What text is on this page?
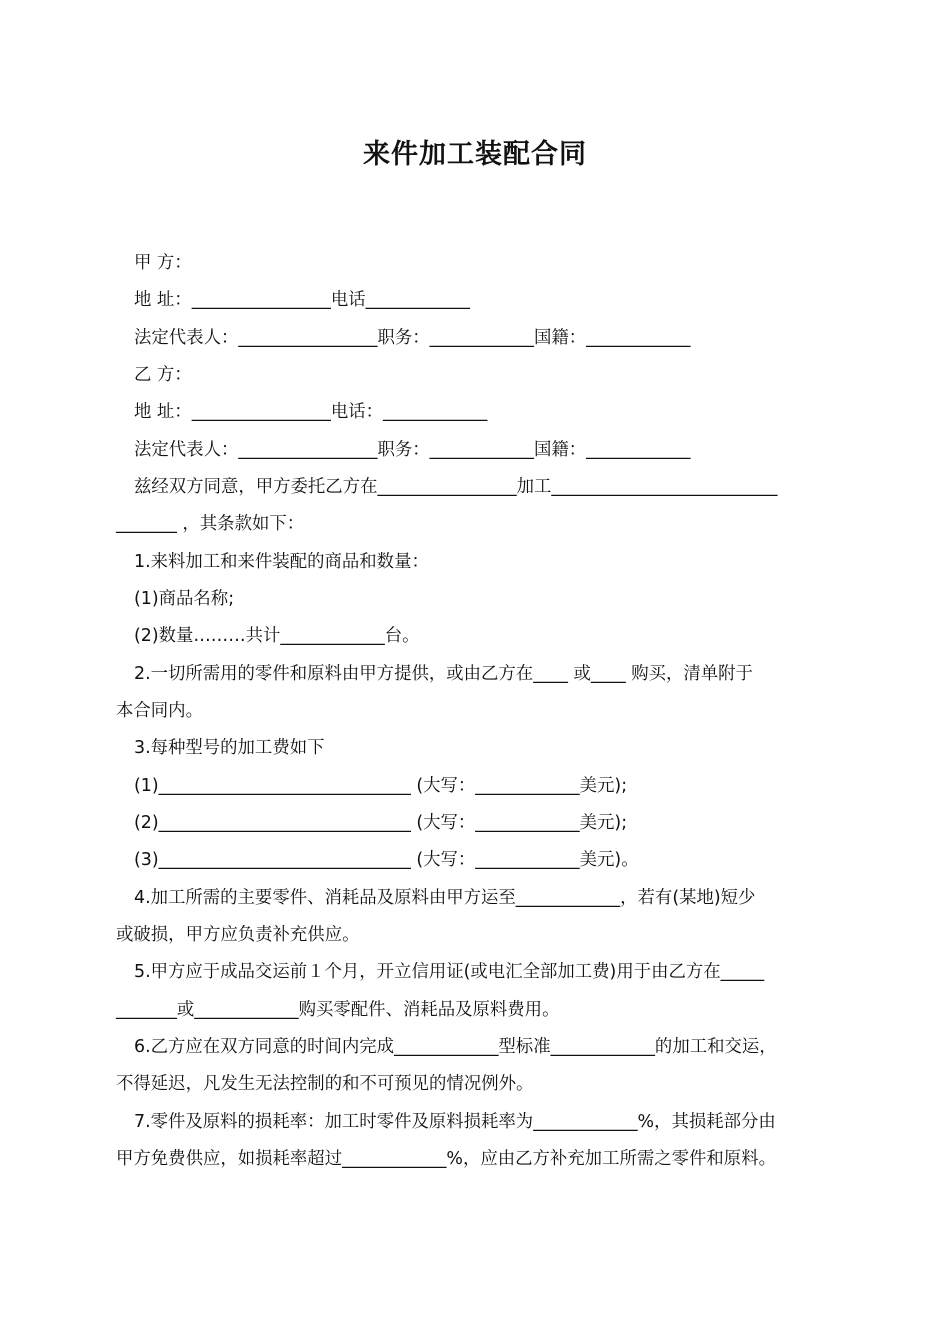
来件加工装配合同
甲 方：
地 址：________________电话____________
法定代表人：________________职务：____________国籍：____________
乙 方：
地 址：________________电话：____________
法定代表人：________________职务：____________国籍：____________
兹经双方同意，甲方委托乙方在________________加工__________________________
_______ ，其条款如下：
1.来料加工和来件装配的商品和数量：
(1)商品名称;
(2)数量………共计____________台。
2.一切所需用的零件和原料由甲方提供，或由乙方在____ 或____ 购买，清单附于
本合同内。
3.每种型号的加工费如下
(1)_____________________________ (大写：____________美元);
(2)_____________________________ (大写：____________美元);
(3)_____________________________ (大写：____________美元)。
4.加工所需的主要零件、消耗品及原料由甲方运至____________，若有(某地)短少
或破损，甲方应负责补充供应。
5.甲方应于成品交运前１个月，开立信用证(或电汇全部加工费)用于由乙方在_____
_______或____________购买零配件、消耗品及原料费用。
6.乙方应在双方同意的时间内完成____________型标准____________的加工和交运，
不得延迟，凡发生无法控制的和不可预见的情况例外。
7.零件及原料的损耗率：加工时零件及原料损耗率为____________%，其损耗部分由
甲方免费供应，如损耗率超过____________%，应由乙方补充加工所需之零件和原料。
